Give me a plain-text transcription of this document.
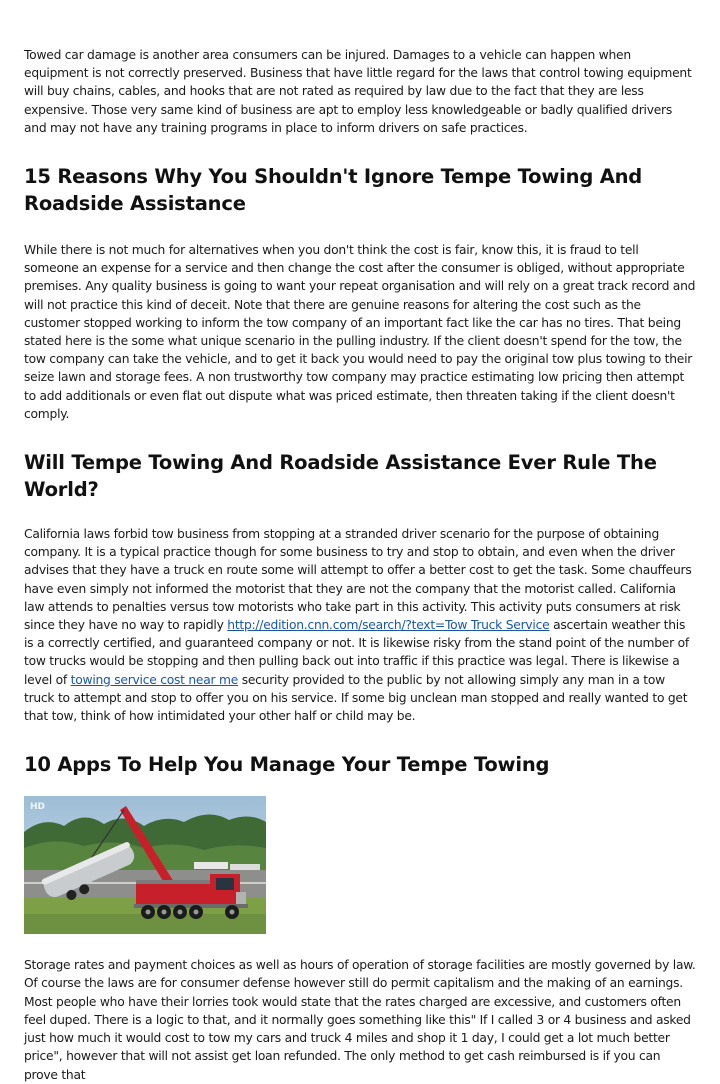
Towed car damage is another area consumers can be injured. Damages to a vehicle can happen when equipment is not correctly preserved. Business that have little regard for the laws that control towing equipment will buy chains, cables, and hooks that are not rated as required by law due to the fact that they are less expensive. Those very same kind of business are apt to employ less knowledgeable or badly qualified drivers and may not have any training programs in place to inform drivers on safe practices.

15 Reasons Why You Shouldn't Ignore Tempe Towing And Roadside Assistance

While there is not much for alternatives when you don't think the cost is fair, know this, it is fraud to tell someone an expense for a service and then change the cost after the consumer is obliged, without appropriate premises. Any quality business is going to want your repeat organisation and will rely on a great track record and will not practice this kind of deceit. Note that there are genuine reasons for altering the cost such as the customer stopped working to inform the tow company of an important fact like the car has no tires. That being stated here is the some what unique scenario in the pulling industry. If the client doesn't spend for the tow, the tow company can take the vehicle, and to get it back you would need to pay the original tow plus towing to their seize lawn and storage fees. A non trustworthy tow company may practice estimating low pricing then attempt to add additionals or even flat out dispute what was priced estimate, then threaten taking if the client doesn't comply.

Will Tempe Towing And Roadside Assistance Ever Rule The World?

California laws forbid tow business from stopping at a stranded driver scenario for the purpose of obtaining company. It is a typical practice though for some business to try and stop to obtain, and even when the driver advises that they have a truck en route some will attempt to offer a better cost to get the task. Some chauffeurs have even simply not informed the motorist that they are not the company that the motorist called. California law attends to penalties versus tow motorists who take part in this activity. This activity puts consumers at risk since they have no way to rapidly http://edition.cnn.com/search/?text=Tow Truck Service ascertain weather this is a correctly certified, and guaranteed company or not. It is likewise risky from the stand point of the number of tow trucks would be stopping and then pulling back out into traffic if this practice was legal. There is likewise a level of towing service cost near me security provided to the public by not allowing simply any man in a tow truck to attempt and stop to offer you on his service. If some big unclean man stopped and really wanted to get that tow, think of how intimidated your other half or child may be.

10 Apps To Help You Manage Your Tempe Towing
HD

Storage rates and payment choices as well as hours of operation of storage facilities are mostly governed by law. Of course the laws are for consumer defense however still do permit capitalism and the making of an earnings. Most people who have their lorries took would state that the rates charged are excessive, and customers often feel duped. There is a logic to that, and it normally goes something like this" If I called 3 or 4 business and asked just how much it would cost to tow my cars and truck 4 miles and shop it 1 day, I could get a lot much better price", however that will not assist get loan refunded. The only method to get cash reimbursed is if you can prove that
